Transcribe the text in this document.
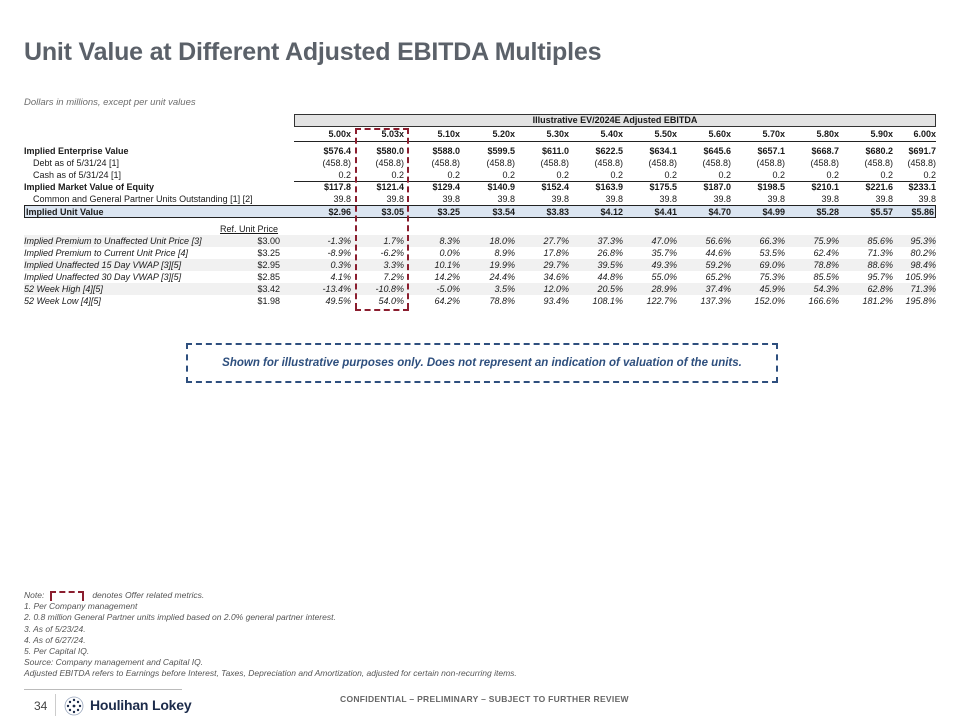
Unit Value at Different Adjusted EBITDA Multiples
Dollars in millions, except per unit values
Illustrative EV/2024E Adjusted EBITDA
5.00x	5.03x	5.10x	5.20x	5.30x	5.40x	5.50x	5.60x	5.70x	5.80x	5.90x	6.00x
Implied Enterprise Value	$576.4	$580.0	$588.0	$599.5	$611.0	$622.5	$634.1	$645.6	$657.1	$668.7	$680.2	$691.7
Debt as of 5/31/24 [1]	(458.8)	(458.8)	(458.8)	(458.8)	(458.8)	(458.8)	(458.8)	(458.8)	(458.8)	(458.8)	(458.8)	(458.8)
Cash as of 5/31/24 [1]	0.2	0.2	0.2	0.2	0.2	0.2	0.2	0.2	0.2	0.2	0.2	0.2
Implied Market Value of Equity	$117.8	$121.4	$129.4	$140.9	$152.4	$163.9	$175.5	$187.0	$198.5	$210.1	$221.6	$233.1
Common and General Partner Units Outstanding [1] [2]	39.8	39.8	39.8	39.8	39.8	39.8	39.8	39.8	39.8	39.8	39.8	39.8
Implied Unit Value	$2.96	$3.05	$3.25	$3.54	$3.83	$4.12	$4.41	$4.70	$4.99	$5.28	$5.57	$5.86
Ref. Unit Price
Implied Premium to Unaffected Unit Price [3]	$3.00	-1.3%	1.7%	8.3%	18.0%	27.7%	37.3%	47.0%	56.6%	66.3%	75.9%	85.6%	95.3%
Implied Premium to Current Unit Price [4]	$3.25	-8.9%	-6.2%	0.0%	8.9%	17.8%	26.8%	35.7%	44.6%	53.5%	62.4%	71.3%	80.2%
Implied Unaffected 15 Day VWAP [3][5]	$2.95	0.3%	3.3%	10.1%	19.9%	29.7%	39.5%	49.3%	59.2%	69.0%	78.8%	88.6%	98.4%
Implied Unaffected 30 Day VWAP [3][5]	$2.85	4.1%	7.2%	14.2%	24.4%	34.6%	44.8%	55.0%	65.2%	75.3%	85.5%	95.7%	105.9%
52 Week High [4][5]	$3.42	-13.4%	-10.8%	-5.0%	3.5%	12.0%	20.5%	28.9%	37.4%	45.9%	54.3%	62.8%	71.3%
52 Week Low [4][5]	$1.98	49.5%	54.0%	64.2%	78.8%	93.4%	108.1%	122.7%	137.3%	152.0%	166.6%	181.2%	195.8%
Shown for illustrative purposes only. Does not represent an indication of valuation of the units.
Note:	denotes Offer related metrics.
1. Per Company management
2. 0.8 million General Partner units implied based on 2.0% general partner interest.
3. As of 5/23/24.
4. As of 6/27/24.
5. Per Capital IQ.
Source: Company management and Capital IQ.
Adjusted EBITDA refers to Earnings before Interest, Taxes, Depreciation and Amortization, adjusted for certain non-recurring items.
34	Houlihan Lokey	CONFIDENTIAL – PRELIMINARY – SUBJECT TO FURTHER REVIEW
